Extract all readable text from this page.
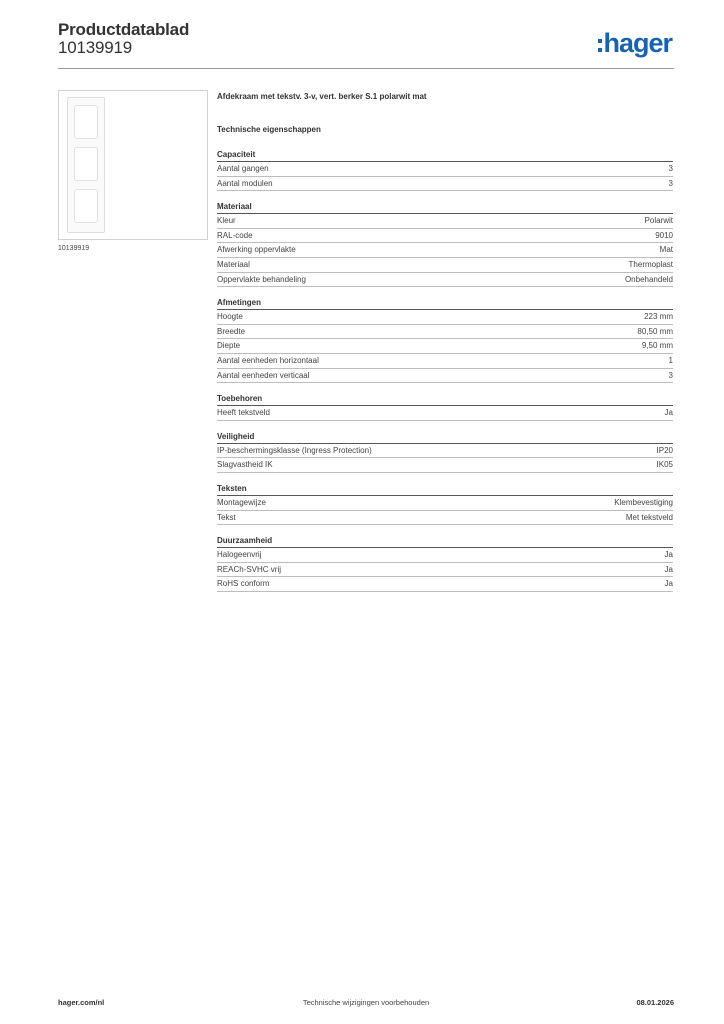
Productdatablad
10139919	hager
10139919
Afdekraam met tekstv. 3-v, vert. berker S.1 polarwit mat
Technische eigenschappen
Capaciteit
Aantal gangen	3
Aantal modulen	3
Materiaal
Kleur	Polarwit
RAL-code	9010
Afwerking oppervlakte	Mat
Materiaal	Thermoplast
Oppervlakte behandeling	Onbehandeld
Afmetingen
Hoogte	223 mm
Breedte	80,50 mm
Diepte	9,50 mm
Aantal eenheden horizontaal	1
Aantal eenheden verticaal	3
Toebehoren
Heeft tekstveld	Ja
Veiligheid
IP-beschermingsklasse (Ingress Protection)	IP20
Slagvastheid IK	IK05
Teksten
Montagewijze	Klembevestiging
Tekst	Met tekstveld
Duurzaamheid
Halogeenvrij	Ja
REACh-SVHC vrij	Ja
RoHS conform	Ja
hager.com/nl	Technische wijzigingen voorbehouden	08.01.2026
